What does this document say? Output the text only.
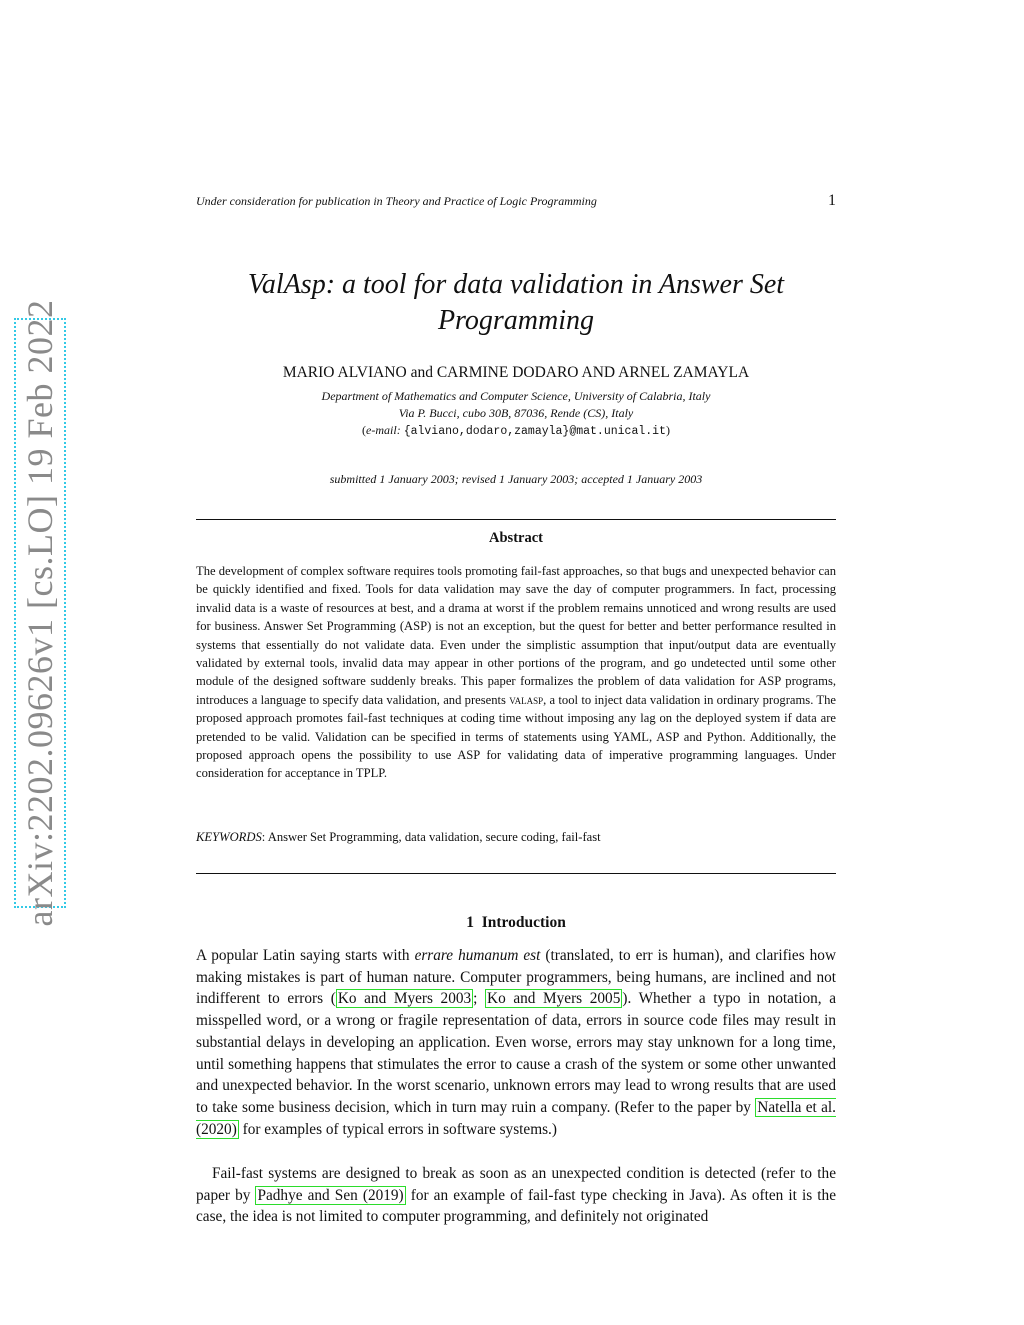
arXiv:2202.09626v1 [cs.LO] 19 Feb 2022
Under consideration for publication in Theory and Practice of Logic Programming	1
ValAsp: a tool for data validation in Answer Set
Programming
MARIO ALVIANO and CARMINE DODARO AND ARNEL ZAMAYLA
Department of Mathematics and Computer Science, University of Calabria, Italy
Via P. Bucci, cubo 30B, 87036, Rende (CS), Italy
(e-mail: {alviano,dodaro,zamayla}@mat.unical.it)
submitted 1 January 2003; revised 1 January 2003; accepted 1 January 2003
Abstract
The development of complex software requires tools promoting fail-fast approaches, so that bugs and unexpected behavior can be quickly identified and fixed. Tools for data validation may save the day of computer programmers. In fact, processing invalid data is a waste of resources at best, and a drama at worst if the problem remains unnoticed and wrong results are used for business. Answer Set Programming (ASP) is not an exception, but the quest for better and better performance resulted in systems that essentially do not validate data. Even under the simplistic assumption that input/output data are eventually validated by external tools, invalid data may appear in other portions of the program, and go undetected until some other module of the designed software suddenly breaks. This paper formalizes the problem of data validation for ASP programs, introduces a language to specify data validation, and presents valasp, a tool to inject data validation in ordinary programs. The proposed approach promotes fail-fast techniques at coding time without imposing any lag on the deployed system if data are pretended to be valid. Validation can be specified in terms of statements using YAML, ASP and Python. Additionally, the proposed approach opens the possibility to use ASP for validating data of imperative programming languages. Under consideration for acceptance in TPLP.
KEYWORDS: Answer Set Programming, data validation, secure coding, fail-fast
1 Introduction
A popular Latin saying starts with errare humanum est (translated, to err is human), and clarifies how making mistakes is part of human nature. Computer programmers, being humans, are inclined and not indifferent to errors ( Ko and Myers 2003 ; Ko and Myers 2005 ). Whether a typo in notation, a misspelled word, or a wrong or fragile representation of data, errors in source code files may result in substantial delays in developing an application. Even worse, errors may stay unknown for a long time, until something happens that stimulates the error to cause a crash of the system or some other unwanted and unexpected behavior. In the worst scenario, unknown errors may lead to wrong results that are used to take some business decision, which in turn may ruin a company. (Refer to the paper by Natella et al. (2020) for examples of typical errors in software systems.)
Fail-fast systems are designed to break as soon as an unexpected condition is detected (refer to the paper by Padhye and Sen (2019) for an example of fail-fast type checking in Java). As often it is the case, the idea is not limited to computer programming, and definitely not originated
